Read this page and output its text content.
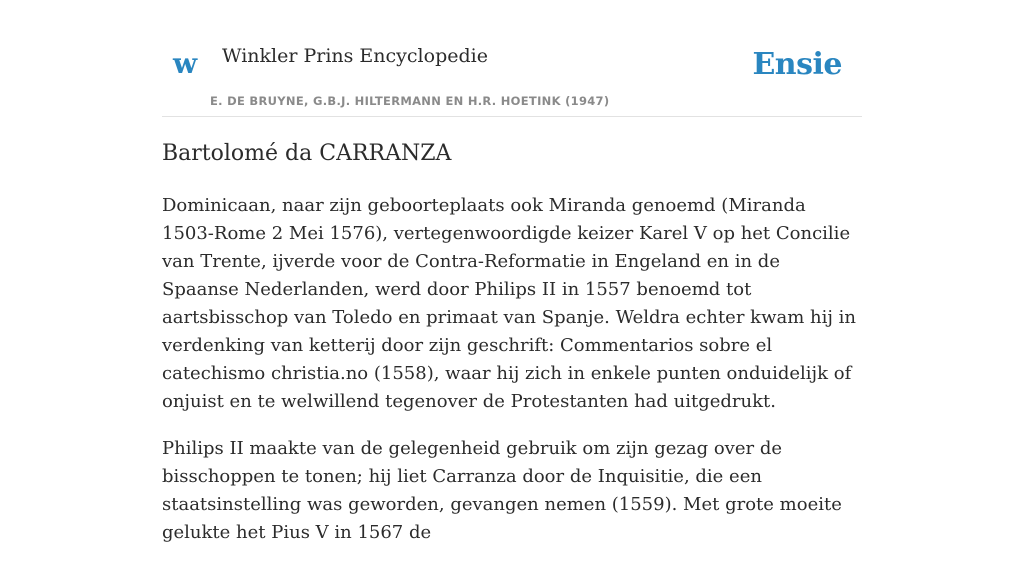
w Winkler Prins Encyclopedie
E. DE BRUYNE, G.B.J. HILTERMANN EN H.R. HOETINK (1947)
Ensie
Bartolomé da CARRANZA

Dominicaan, naar zijn geboorteplaats ook Miranda genoemd (Miranda 1503-Rome 2 Mei 1576), vertegenwoordigde keizer Karel V op het Concilie van Trente, ijverde voor de Contra-Reformatie in Engeland en in de Spaanse Nederlanden, werd door Philips II in 1557 benoemd tot aartsbisschop van Toledo en primaat van Spanje. Weldra echter kwam hij in verdenking van ketterij door zijn geschrift: Commentarios sobre el catechismo christia.no (1558), waar hij zich in enkele punten onduidelijk of onjuist en te welwillend tegenover de Protestanten had uitgedrukt.

Philips II maakte van de gelegenheid gebruik om zijn gezag over de bisschoppen te tonen; hij liet Carranza door de Inquisitie, die een staatsinstelling was geworden, gevangen nemen (1559). Met grote moeite gelukte het Pius V in 1567 de
